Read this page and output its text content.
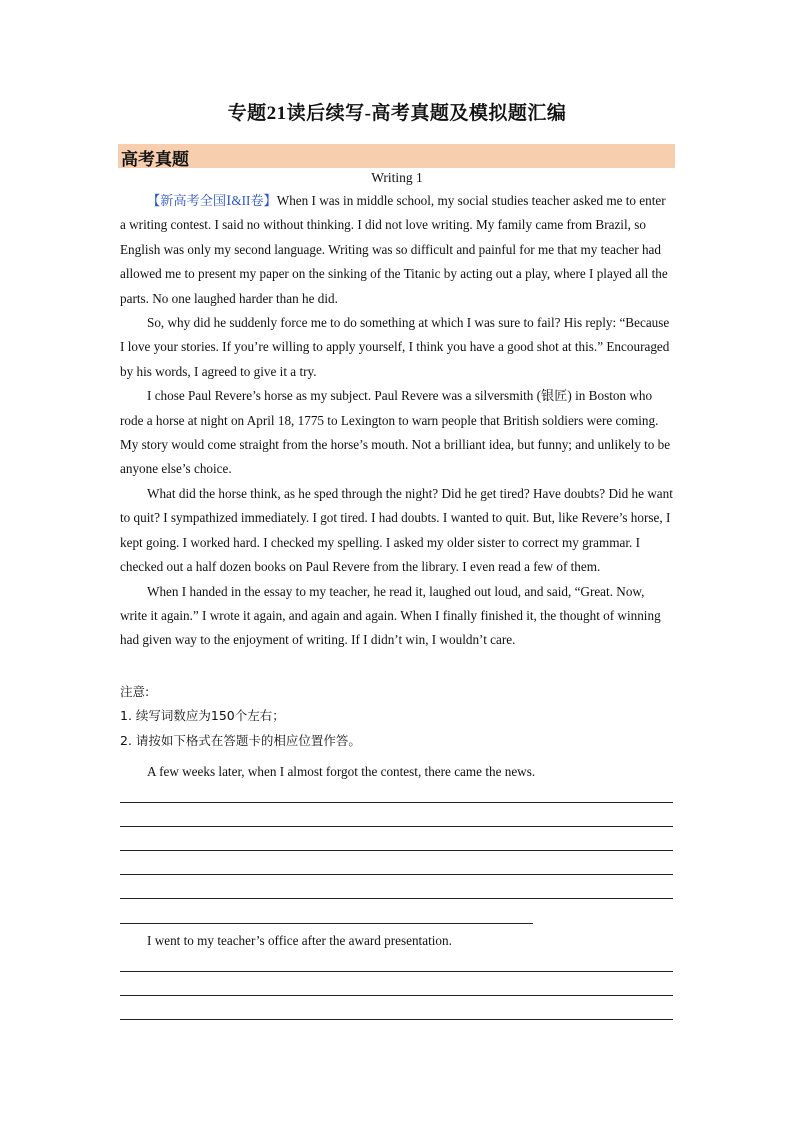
专题21读后续写-高考真题及模拟题汇编
高考真题
Writing 1

【新高考全国Ⅰ&II卷】When I was in middle school, my social studies teacher asked me to enter a writing contest. I said no without thinking. I did not love writing. My family came from Brazil, so English was only my second language. Writing was so difficult and painful for me that my teacher had allowed me to present my paper on the sinking of the Titanic by acting out a play, where I played all the parts. No one laughed harder than he did.

So, why did he suddenly force me to do something at which I was sure to fail? His reply: “Because I love your stories. If you’re willing to apply yourself, I think you have a good shot at this.” Encouraged by his words, I agreed to give it a try.

I chose Paul Revere’s horse as my subject. Paul Revere was a silversmith (银匠) in Boston who rode a horse at night on April 18, 1775 to Lexington to warn people that British soldiers were coming. My story would come straight from the horse’s mouth. Not a brilliant idea, but funny; and unlikely to be anyone else’s choice.

What did the horse think, as he sped through the night? Did he get tired? Have doubts? Did he want to quit? I sympathized immediately. I got tired. I had doubts. I wanted to quit. But, like Revere’s horse, I kept going. I worked hard. I checked my spelling. I asked my older sister to correct my grammar. I checked out a half dozen books on Paul Revere from the library. I even read a few of them.

When I handed in the essay to my teacher, he read it, laughed out loud, and said, “Great. Now, write it again.” I wrote it again, and again and again. When I finally finished it, the thought of winning had given way to the enjoyment of writing. If I didn’t win, I wouldn’t care.

注意:
1. 续写词数应为150个左右；
2. 请按如下格式在答题卡的相应位置作答。
A few weeks later, when I almost forgot the contest, there came the news.
I went to my teacher’s office after the award presentation.
